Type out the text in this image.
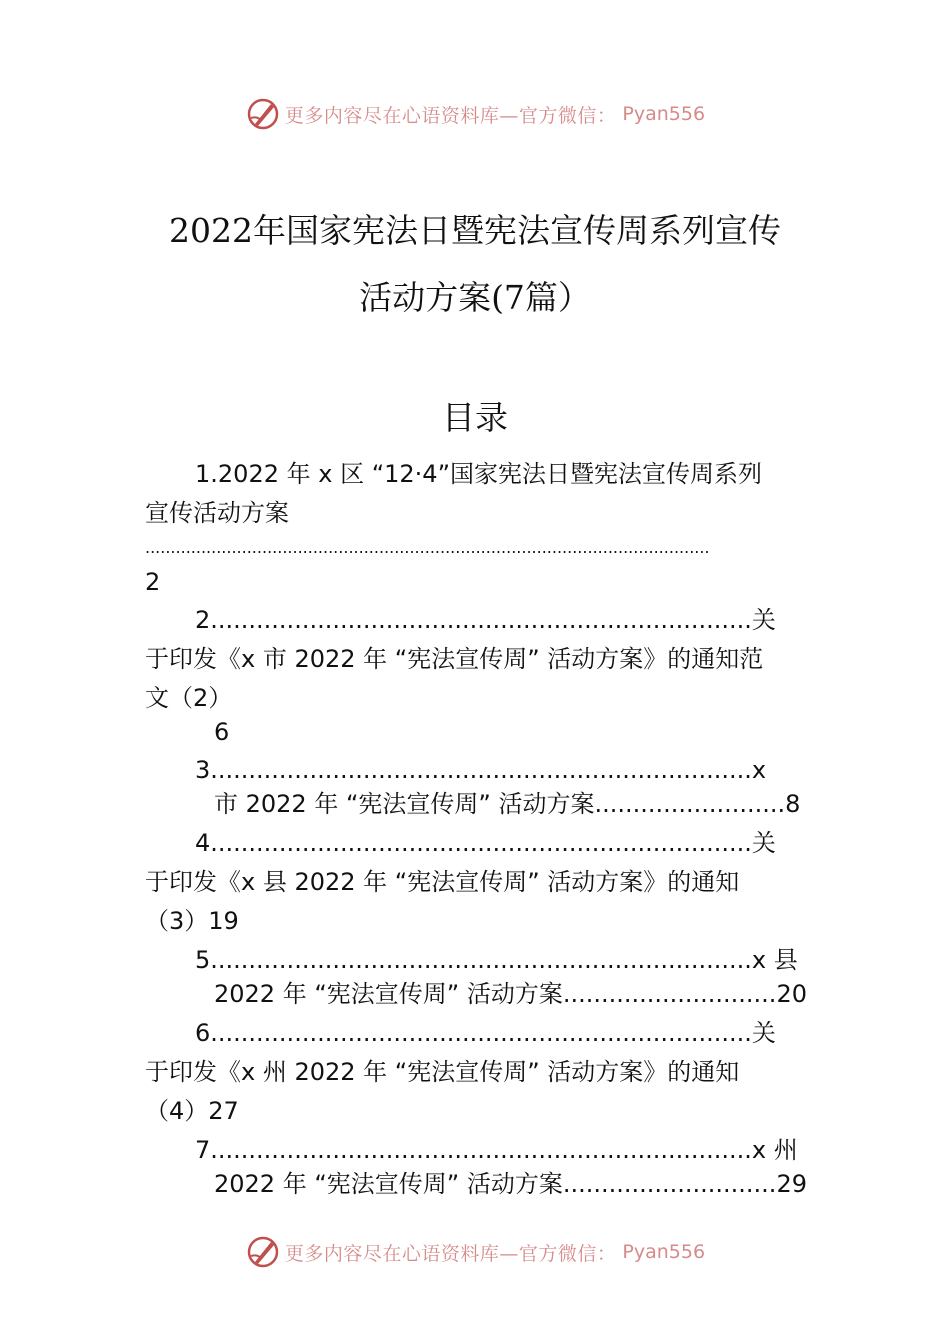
更多内容尽在心语资料库—官方微信： Pyan556
2022年国家宪法日暨宪法宣传周系列宣传
活动方案(7篇）
目录
1.2022 年 x 区 “12·4”国家宪法日暨宪法宣传周系列
宣传活动方案
...............................................................................................................
2
2.......................................................................关
于印发《x 市 2022 年 “宪法宣传周” 活动方案》的通知范
文（2）
6
3.......................................................................x
市 2022 年 “宪法宣传周” 活动方案.........................8
4.......................................................................关
于印发《x 县 2022 年 “宪法宣传周” 活动方案》的通知
（3）19
5.......................................................................x 县
2022 年 “宪法宣传周” 活动方案............................20
6.......................................................................关
于印发《x 州 2022 年 “宪法宣传周” 活动方案》的通知
（4）27
7.......................................................................x 州
2022 年 “宪法宣传周” 活动方案............................29
更多内容尽在心语资料库—官方微信： Pyan556
